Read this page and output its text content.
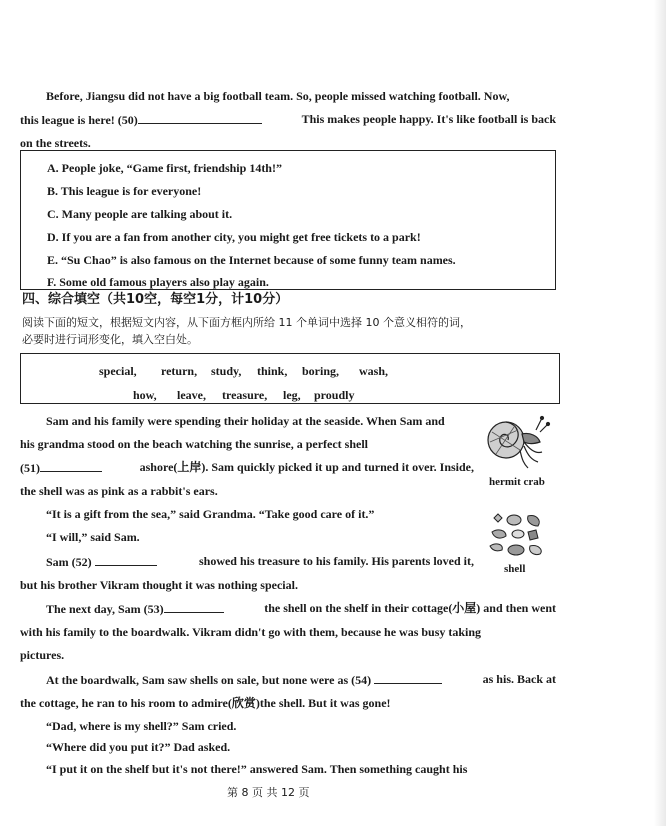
Before, Jiangsu did not have a big football team. So, people missed watching football. Now,
this league is here! (50)	This makes people happy. It's like football is back
on the streets.
A. People joke, “Game first, friendship 14th!”
B. This league is for everyone!
C. Many people are talking about it.
D. If you are a fan from another city, you might get free tickets to a park!
E. “Su Chao” is also famous on the Internet because of some funny team names.
F. Some old famous players also play again.
四、综合填空（共10空，每空1分，计10分）
阅读下面的短文，根据短文内容，从下面方框内所给 11 个单词中选择 10 个意义相符的词，
必要时进行词形变化，填入空白处。
special, return, study, think, boring, wash,
how, leave, treasure, leg, proudly
Sam and his family were spending their holiday at the seaside. When Sam and
his grandma stood on the beach watching the sunrise, a perfect shell
(51)	ashore(上岸). Sam quickly picked it up and turned it over. Inside,
the shell was as pink as a rabbit's ears.
“It is a gift from the sea,” said Grandma. “Take good care of it.”
“I will,” said Sam.
Sam (52)	showed his treasure to his family. His parents loved it,
but his brother Vikram thought it was nothing special.
The next day, Sam (53)	the shell on the shelf in their cottage(小屋) and then went
with his family to the boardwalk. Vikram didn't go with them, because he was busy taking
pictures.
At the boardwalk, Sam saw shells on sale, but none were as (54)	as his. Back at
the cottage, he ran to his room to admire(欣赏)the shell. But it was gone!
“Dad, where is my shell?” Sam cried.
“Where did you put it?” Dad asked.
“I put it on the shelf but it's not there!” answered Sam. Then something caught his
hermit crab
shell
第 8 页 共 12 页
